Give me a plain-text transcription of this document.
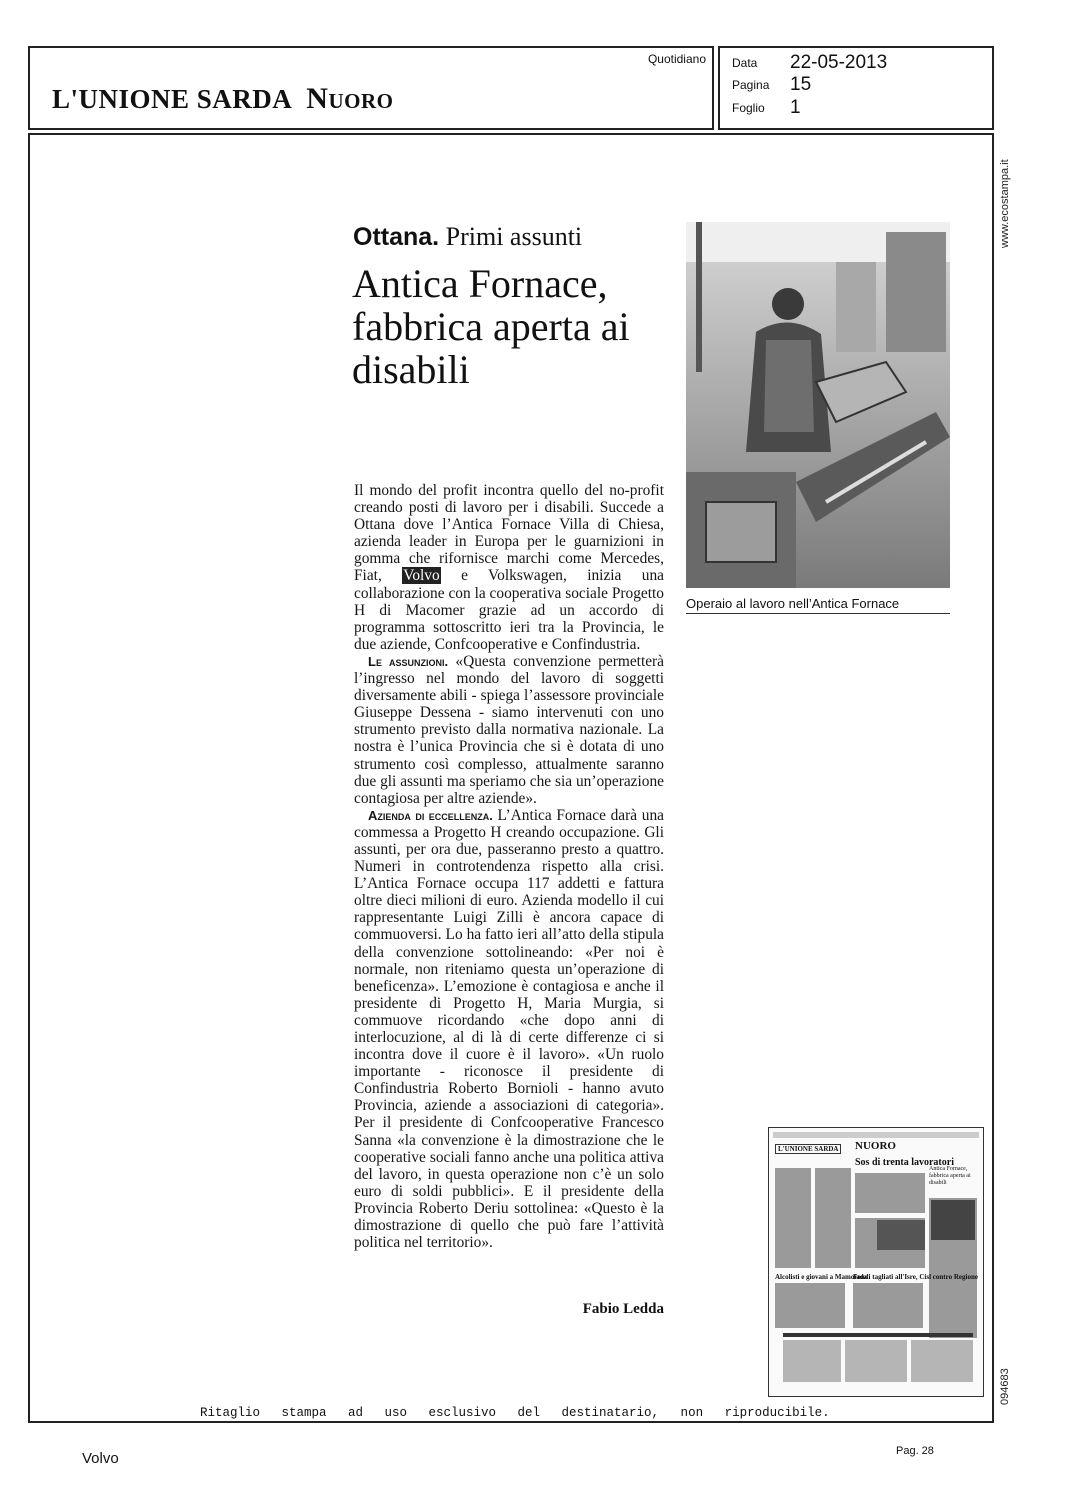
Quotidiano
L'UNIONE SARDA Nuoro
Data 22-05-2013
Pagina 15
Foglio 1
www.ecostampa.it
094683
Ottana. Primi assunti
Antica Fornace, fabbrica aperta ai disabili
Operaio al lavoro nell’Antica Fornace

Il mondo del profit incontra quello del no-profit creando posti di lavoro per i disabili. Succede a Ottana dove l’Antica Fornace Villa di Chiesa, azienda leader in Europa per le guarnizioni in gomma che rifornisce marchi come Mercedes, Fiat, Volvo e Volkswagen, inizia una collaborazione con la cooperativa sociale Progetto H di Macomer grazie ad un accordo di programma sottoscritto ieri tra la Provincia, le due aziende, Confcooperative e Confindustria.

Le assunzioni. «Questa convenzione permetterà l’ingresso nel mondo del lavoro di soggetti diversamente abili - spiega l’assessore provinciale Giuseppe Dessena - siamo intervenuti con uno strumento previsto dalla normativa nazionale. La nostra è l’unica Provincia che si è dotata di uno strumento così complesso, attualmente saranno due gli assunti ma speriamo che sia un’operazione contagiosa per altre aziende».

Azienda di eccellenza. L’Antica Fornace darà una commessa a Progetto H creando occupazione. Gli assunti, per ora due, passeranno presto a quattro. Numeri in controtendenza rispetto alla crisi. L’Antica Fornace occupa 117 addetti e fattura oltre dieci milioni di euro. Azienda modello il cui rappresentante Luigi Zilli è ancora capace di commuoversi. Lo ha fatto ieri all’atto della stipula della convenzione sottolineando: «Per noi è normale, non riteniamo questa un’operazione di beneficenza». L’emozione è contagiosa e anche il presidente di Progetto H, Maria Murgia, si commuove ricordando «che dopo anni di interlocuzione, al di là di certe differenze ci si incontra dove il cuore è il lavoro». «Un ruolo importante - riconosce il presidente di Confindustria Roberto Bornioli - hanno avuto Provincia, aziende a associazioni di categoria». Per il presidente di Confcooperative Francesco Sanna «la convenzione è la dimostrazione che le cooperative sociali fanno anche una politica attiva del lavoro, in questa operazione non c’è un solo euro di soldi pubblici». E il presidente della Provincia Roberto Deriu sottolinea: «Questo è la dimostrazione di quello che può fare l’attività politica nel territorio».

Fabio Ledda
L'UNIONE SARDA NUORO
Sos di trenta lavoratori
Antica Fornace, fabbrica aperta ai disabili
Alcolisti e giovani a Mamoiada
Fondi tagliati all'Isre, Cisl contro Regione
Ritaglio stampa ad uso esclusivo del destinatario, non riproducibile.
Volvo	Pag. 28
